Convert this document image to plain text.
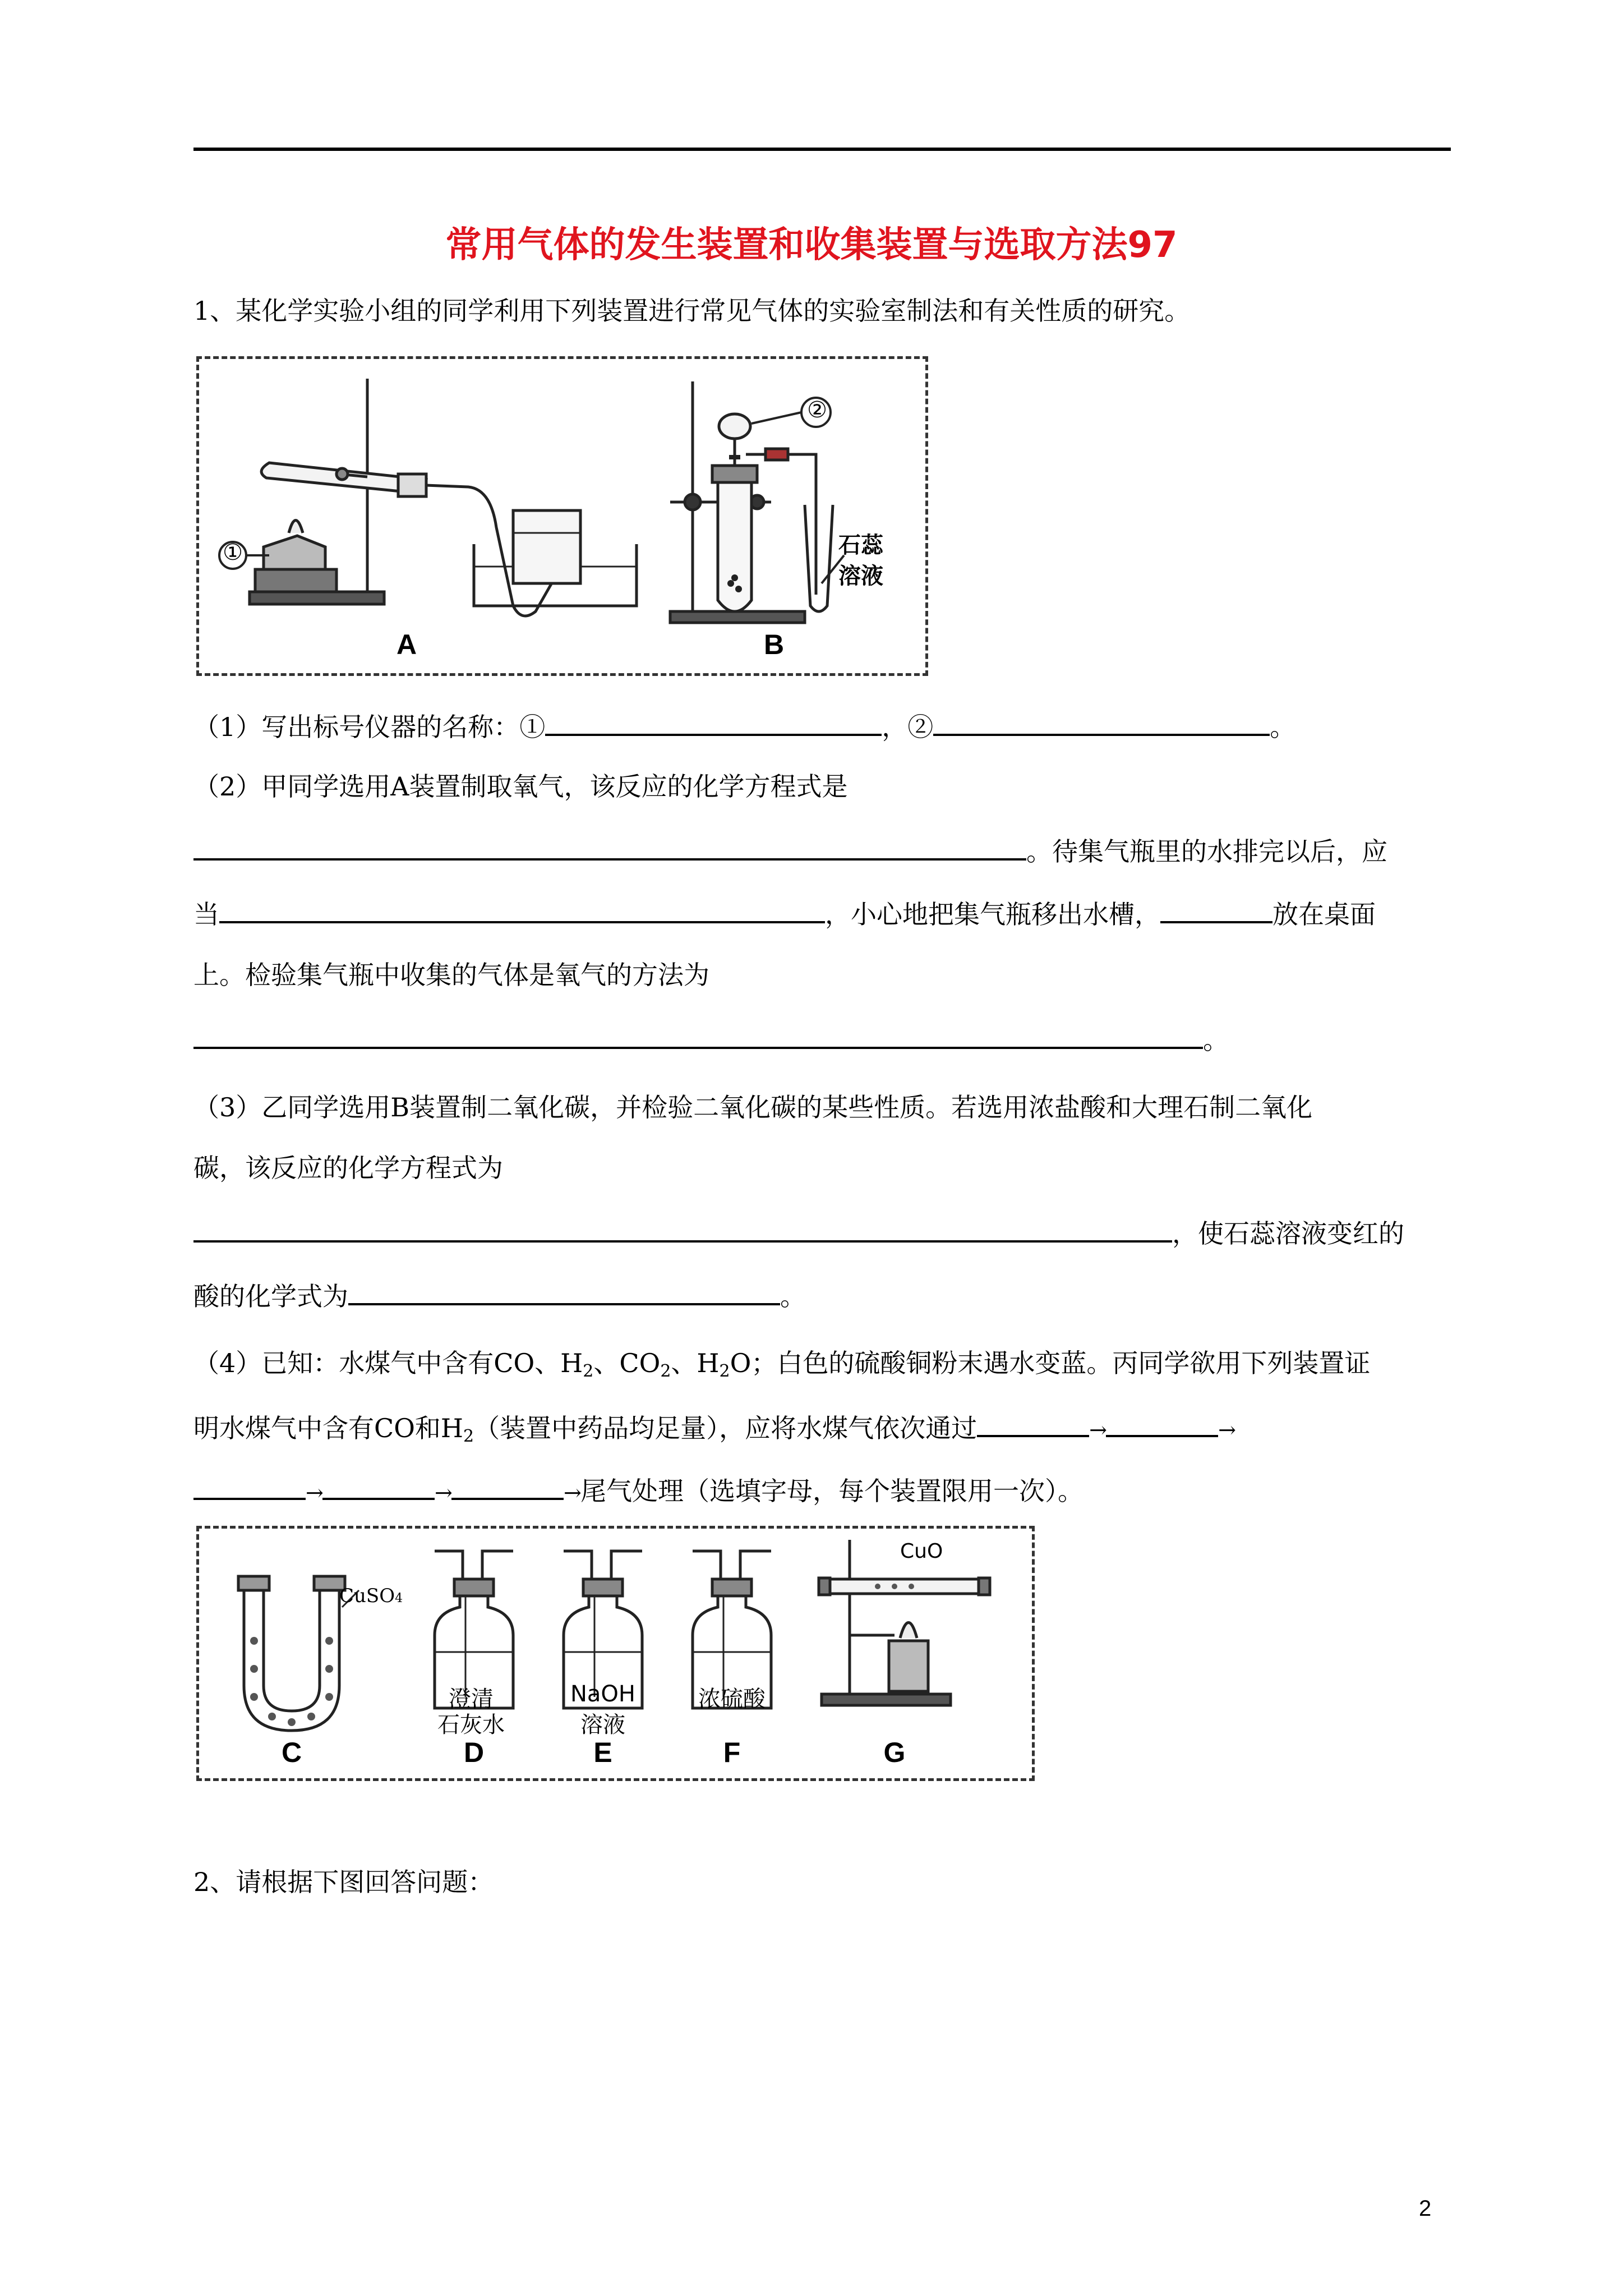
常用气体的发生装置和收集装置与选取方法97
1、某化学实验小组的同学利用下列装置进行常见气体的实验室制法和有关性质的研究。
①
②
石蕊
溶液
A	B
（1）写出标号仪器的名称：①	，②	。
（2）甲同学选用A装置制取氧气，该反应的化学方程式是
。待集气瓶里的水排完以后，应
当	，小心地把集气瓶移出水槽，	放在桌面
上。检验集气瓶中收集的气体是氧气的方法为
。
（3）乙同学选用B装置制二氧化碳，并检验二氧化碳的某些性质。若选用浓盐酸和大理石制二氧化
碳，该反应的化学方程式为
，使石蕊溶液变红的
酸的化学式为	。
（4）已知：水煤气中含有CO、$H_2$、$CO_2$、$H_2O$；白色的硫酸铜粉末遇水变蓝。丙同学欲用下列装置证
明水煤气中含有CO和$H_2$（装置中药品均足量），应将水煤气依次通过	→	→
→	→	→尾气处理（选填字母，每个装置限用一次）。
CuSO4
澄清
石灰水
NaOH
溶液
浓硫酸
CuO
C	D	E	F	G
2、请根据下图回答问题：
2
